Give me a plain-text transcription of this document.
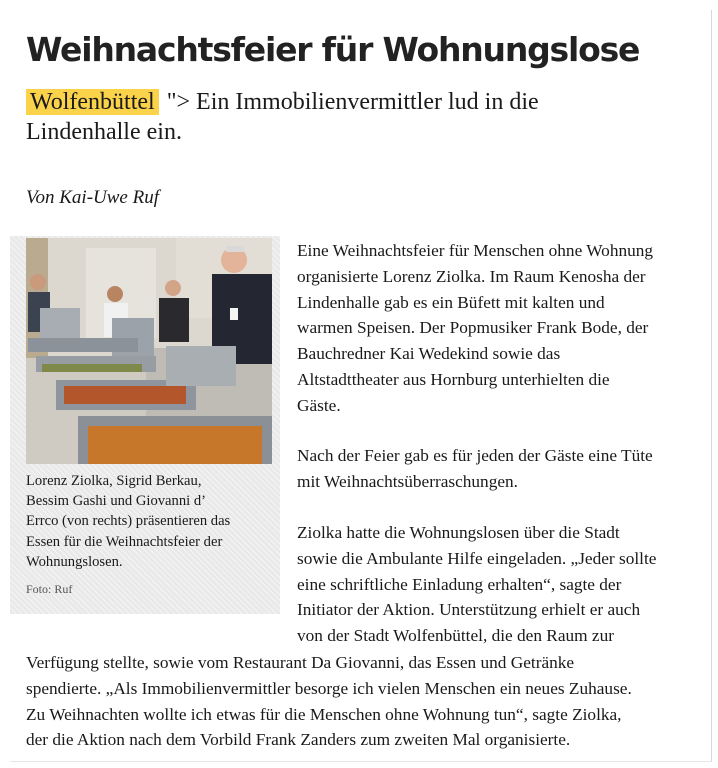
Weihnachtsfeier für Wohnungslose
Wolfenbüttel "> Ein Immobilienvermittler lud in die
Lindenhalle ein.
Von Kai-Uwe Ruf
Lorenz Ziolka, Sigrid Berkau,
Bessim Gashi und Giovanni d’
Errco (von rechts) präsentieren das
Essen für die Weihnachtsfeier der
Wohnungslosen.
Foto: Ruf
Eine Weihnachtsfeier für Menschen ohne Wohnung
organisierte Lorenz Ziolka. Im Raum Kenosha der
Lindenhalle gab es ein Büfett mit kalten und
warmen Speisen. Der Popmusiker Frank Bode, der
Bauchredner Kai Wedekind sowie das
Altstadttheater aus Hornburg unterhielten die
Gäste.
Nach der Feier gab es für jeden der Gäste eine Tüte
mit Weihnachtsüberraschungen.
Ziolka hatte die Wohnungslosen über die Stadt
sowie die Ambulante Hilfe eingeladen. „Jeder sollte
eine schriftliche Einladung erhalten“, sagte der
Initiator der Aktion. Unterstützung erhielt er auch
von der Stadt Wolfenbüttel, die den Raum zur
Verfügung stellte, sowie vom Restaurant Da Giovanni, das Essen und Getränke
spendierte. „Als Immobilienvermittler besorge ich vielen Menschen ein neues Zuhause.
Zu Weihnachten wollte ich etwas für die Menschen ohne Wohnung tun“, sagte Ziolka,
der die Aktion nach dem Vorbild Frank Zanders zum zweiten Mal organisierte.
